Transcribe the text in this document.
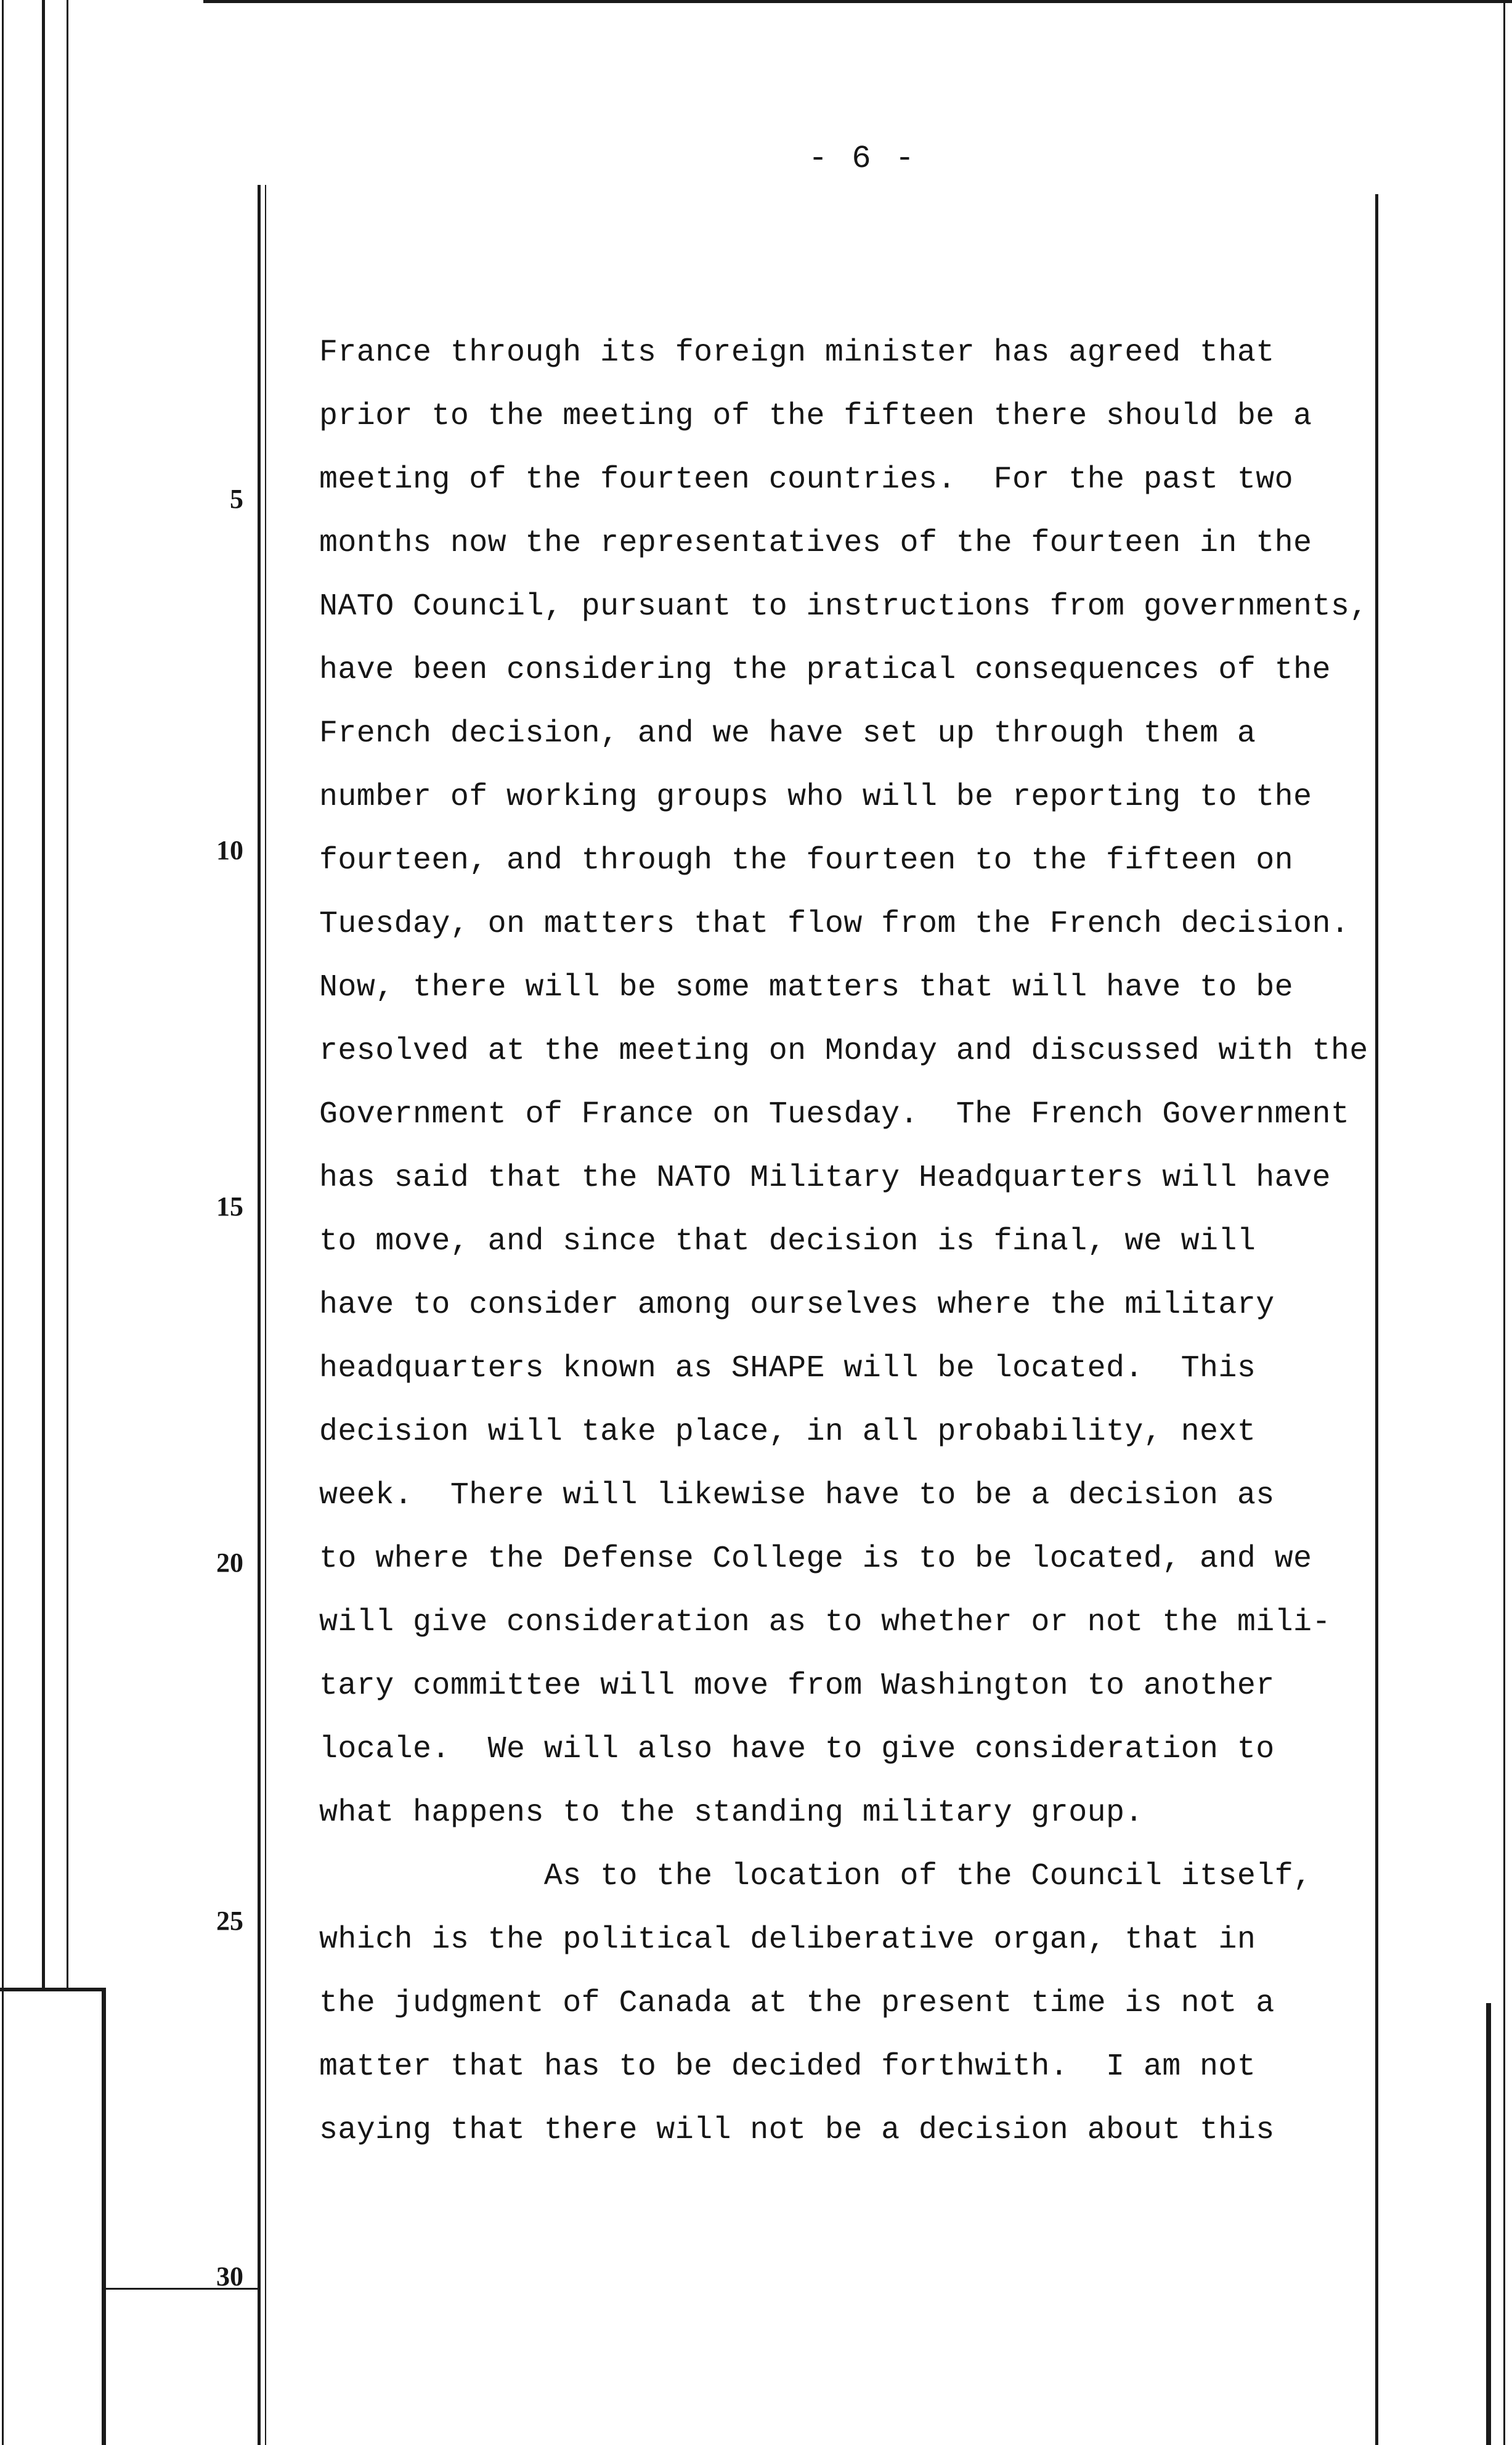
- 6 -
5
10
15
20
25
30
France through its foreign minister has agreed that
prior to the meeting of the fifteen there should be a
meeting of the fourteen countries.  For the past two
months now the representatives of the fourteen in the
NATO Council, pursuant to instructions from governments,
have been considering the pratical consequences of the
French decision, and we have set up through them a
number of working groups who will be reporting to the
fourteen, and through the fourteen to the fifteen on
Tuesday, on matters that flow from the French decision.
Now, there will be some matters that will have to be
resolved at the meeting on Monday and discussed with the
Government of France on Tuesday.  The French Government
has said that the NATO Military Headquarters will have
to move, and since that decision is final, we will
have to consider among ourselves where the military
headquarters known as SHAPE will be located.  This
decision will take place, in all probability, next
week.  There will likewise have to be a decision as
to where the Defense College is to be located, and we
will give consideration as to whether or not the mili-
tary committee will move from Washington to another
locale.  We will also have to give consideration to
what happens to the standing military group.
As to the location of the Council itself,
which is the political deliberative organ, that in
the judgment of Canada at the present time is not a
matter that has to be decided forthwith.  I am not
saying that there will not be a decision about this
